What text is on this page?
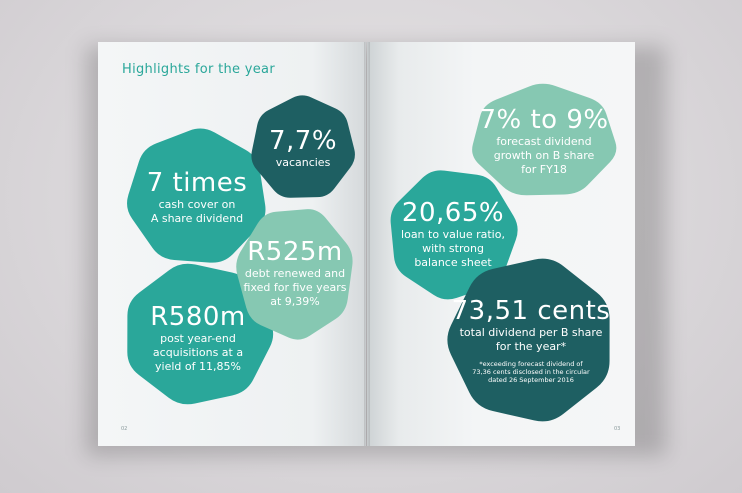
Highlights for the year
7 times
cash cover on
A share dividend
R580m
post year-end
acquisitions at a
yield of 11,85%
7,7%
vacancies
R525m
debt renewed and
fixed for five years
at 9,39%
7% to 9%
forecast dividend
growth on B share
for FY18
20,65%
loan to value ratio,
with strong
balance sheet
73,51 cents
total dividend per B share
for the year*
*exceeding forecast dividend of
73,36 cents disclosed in the circular
dated 26 September 2016
02	03
